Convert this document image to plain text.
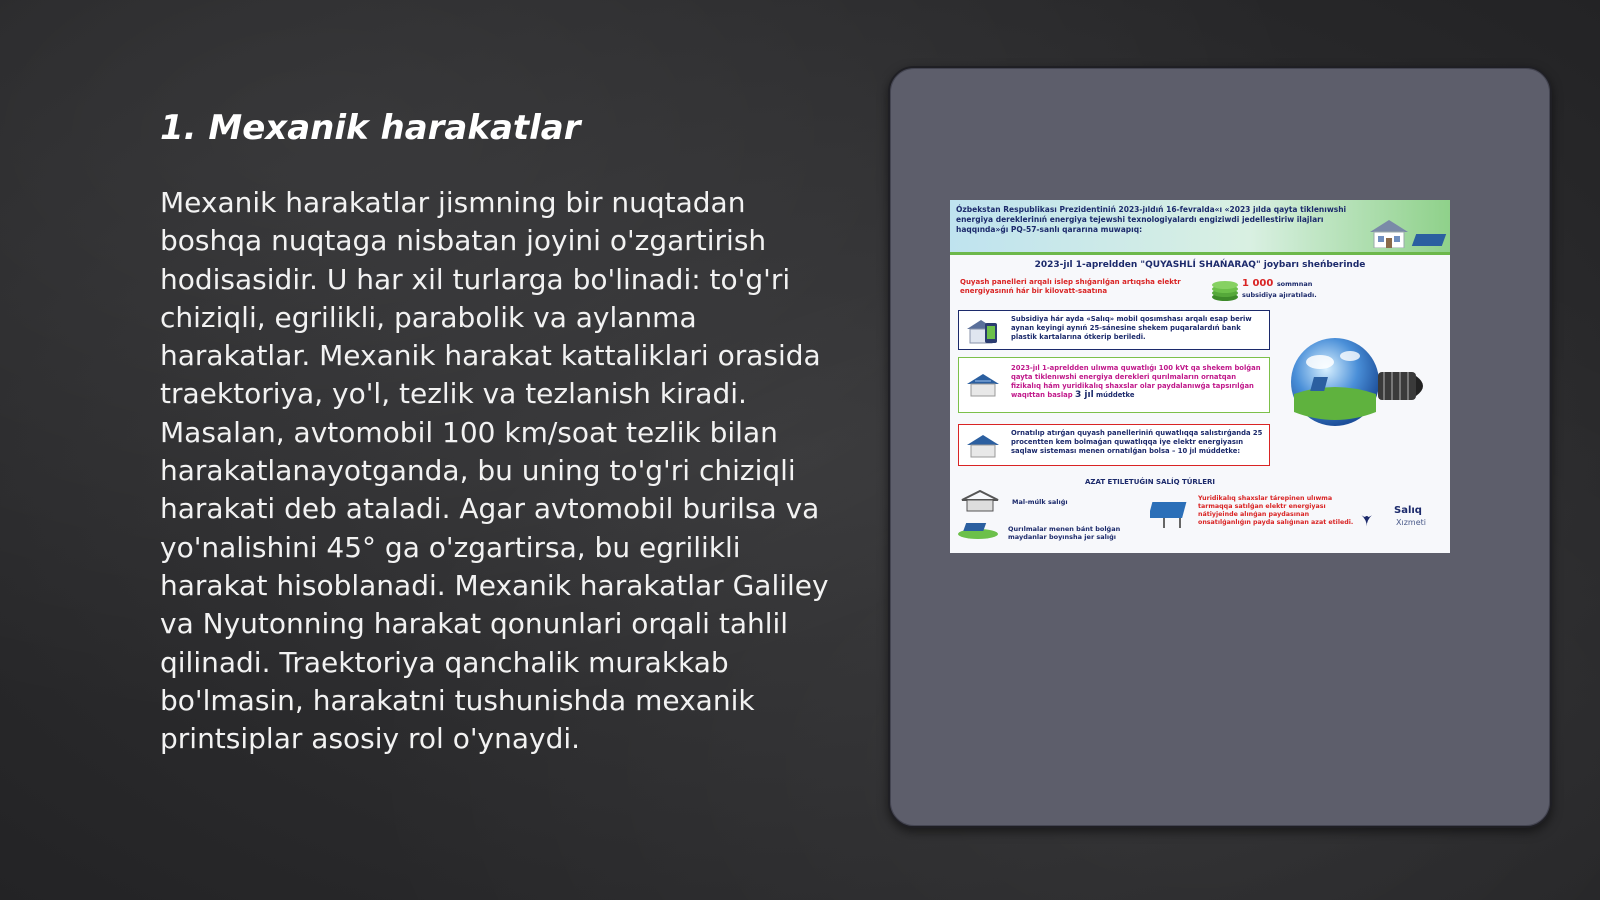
1. Mexanik harakatlar

Mexanik harakatlar jismning bir nuqtadan boshqa nuqtaga nisbatan joyini o'zgartirish hodisasidir. U har xil turlarga bo'linadi: to'g'ri chiziqli, egrilikli, parabolik va aylanma harakatlar. Mexanik harakat kattaliklari orasida traektoriya, yo'l, tezlik va tezlanish kiradi. Masalan, avtomobil 100 km/soat tezlik bilan harakatlanayotganda, bu uning to'g'ri chiziqli harakati deb ataladi. Agar avtomobil burilsa va yo'nalishini 45° ga o'zgartirsa, bu egrilikli harakat hisoblanadi. Mexanik harakatlar Galiley va Nyutonning harakat qonunlari orqali tahlil qilinadi. Traektoriya qanchalik murakkab bo'lmasin, harakatni tushunishda mexanik printsiplar asosiy rol o'ynaydi.

Ózbekstan Respublikası Prezidentiniń 2023-jıldıń 16-fevralda«ı «2023 jılda qayta tiklenıwshi energiya dereklerinıń energiya tejewshi texnologiyalardı engiziwdi jedellestiriw ilajları haqqında»ǵı PQ-57-sanlı qararına muwapıq:
2023-jıl 1-apreldden "QUYASHLÍ SHAŃARAQ" joybarı sheńberinde
Quyash panelleri arqalı islep shıǵarılǵan artıqsha elektr energiyasınıń hár bir kilovatt-saatına
1 000 sommnan
subsidiya ajıratıladı.
Subsidiya hár ayda «Salıq» mobil qosımshası arqalı esap beriw aynan keyingi aynıń 25-sánesine shekem puqaralardıń bank plastik kartalarına ótkerip beriledi.
2023-jıl 1-apreldden ulıwma quwatlıǵı 100 kVt qa shekem bolǵan qayta tiklenıwshi energiya derekleri qurılmaların ornatqan fizikalıq hám yuridikalıq shaxslar olar paydalanıwǵa tapsırılǵan waqıttan baslap 3 jıl múddetke
Ornatılıp atırǵan quyash panelleriniń quwatlıqqa salıstırǵanda 25 procentten kem bolmaǵan quwatlıqqa iye elektr energiyasın saqlaw sisteması menen ornatılǵan bolsa – 10 jıl múddetke:
AZAT ETILETUǴIN SALÍQ TÚRLERI
Mal-múlk salıǵı
Qurılmalar menen bánt bolǵan maydanlar boyınsha jer salıǵı
Yuridikalıq shaxslar tárepinen ulıwma tarmaqqa satılǵan elektr energiyası nátiyjeinde alınǵan paydasınan onsatılǵanlıǵın payda salıǵınan azat etiledi.
Salıq
Xızmeti
